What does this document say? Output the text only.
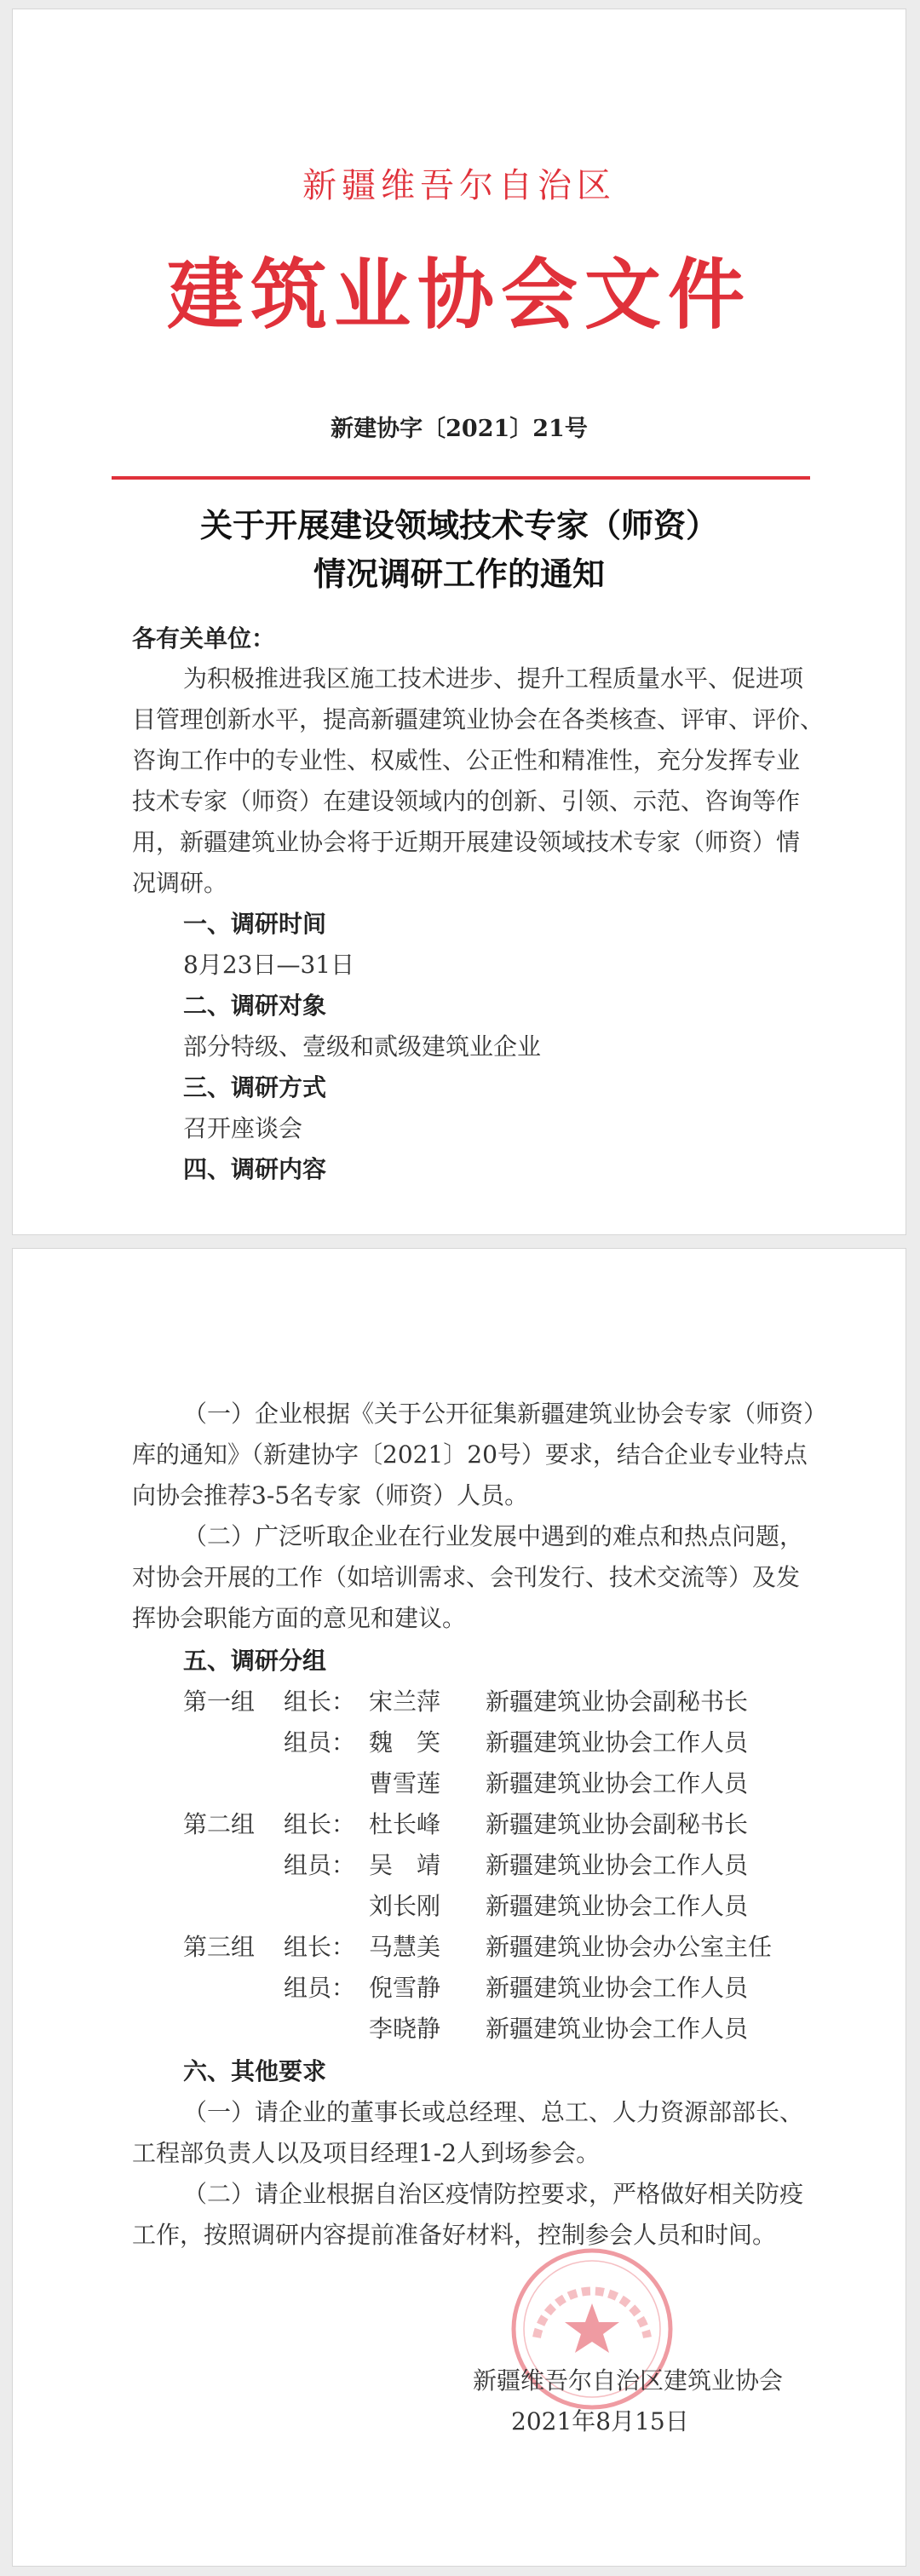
新疆维吾尔自治区
建筑业协会文件
新建协字〔2021〕21号
关于开展建设领域技术专家（师资）
情况调研工作的通知
各有关单位：
为积极推进我区施工技术进步、提升工程质量水平、促进项
目管理创新水平，提高新疆建筑业协会在各类核查、评审、评价、
咨询工作中的专业性、权威性、公正性和精准性，充分发挥专业
技术专家（师资）在建设领域内的创新、引领、示范、咨询等作
用，新疆建筑业协会将于近期开展建设领域技术专家（师资）情
况调研。
一、调研时间
8月23日—31日
二、调研对象
部分特级、壹级和贰级建筑业企业
三、调研方式
召开座谈会
四、调研内容
（一）企业根据《关于公开征集新疆建筑业协会专家（师资）
库的通知》（新建协字〔2021〕20号）要求，结合企业专业特点
向协会推荐3-5名专家（师资）人员。
（二）广泛听取企业在行业发展中遇到的难点和热点问题，
对协会开展的工作（如培训需求、会刊发行、技术交流等）及发
挥协会职能方面的意见和建议。
五、调研分组
第一组 组长： 宋兰萍 新疆建筑业协会副秘书长
组员： 魏　笑 新疆建筑业协会工作人员
曹雪莲 新疆建筑业协会工作人员
第二组 组长： 杜长峰 新疆建筑业协会副秘书长
组员： 吴　靖 新疆建筑业协会工作人员
刘长刚 新疆建筑业协会工作人员
第三组 组长： 马慧美 新疆建筑业协会办公室主任
组员： 倪雪静 新疆建筑业协会工作人员
李晓静 新疆建筑业协会工作人员
六、其他要求
（一）请企业的董事长或总经理、总工、人力资源部部长、
工程部负责人以及项目经理1-2人到场参会。
（二）请企业根据自治区疫情防控要求，严格做好相关防疫
工作，按照调研内容提前准备好材料，控制参会人员和时间。
新疆维吾尔自治区建筑业协会
2021年8月15日
